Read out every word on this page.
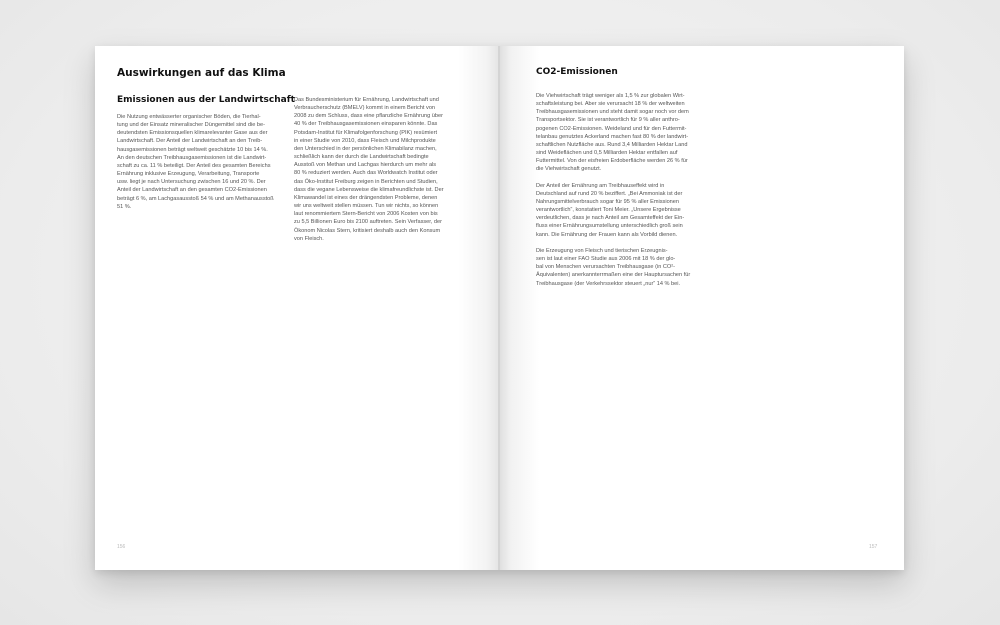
Auswirkungen auf das Klima
Emissionen aus der Landwirtschaft
Die Nutzung entwässerter organischer Böden, die Tierhal-
tung und der Einsatz mineralischer Düngemittel sind die be-
deutendsten Emissionsquellen klimarelevanter Gase aus der
Landwirtschaft. Der Anteil der Landwirtschaft an den Treib-
hausgasemissionen beträgt weltweit geschätzte 10 bis 14 %.
An den deutschen Treibhausgasemissionen ist die Landwirt-
schaft zu ca. 11 % beteiligt. Der Anteil des gesamten Bereichs
Ernährung inklusive Erzeugung, Verarbeitung, Transporte
usw. liegt je nach Untersuchung zwischen 16 und 20 %. Der
Anteil der Landwirtschaft an den gesamten CO2-Emissionen
beträgt 6 %, am Lachgasausstoß 54 % und am Methanausstoß
51 %.
Das Bundesministerium für Ernährung, Landwirtschaft und
Verbraucherschutz (BMELV) kommt in einem Bericht von
2008 zu dem Schluss, dass eine pflanzliche Ernährung über
40 % der Treibhausgasemissionen einsparen könnte. Das
Potsdam-Institut für Klimafolgenforschung (PIK) resümiert
in einer Studie von 2010, dass Fleisch und Milchprodukte
den Unterschied in der persönlichen Klimabilanz machen,
schließlich kann der durch die Landwirtschaft bedingte
Ausstoß von Methan und Lachgas hierdurch um mehr als
80 % reduziert werden. Auch das Worldwatch Institut oder
das Öko-Institut Freiburg zeigen in Berichten und Studien,
dass die vegane Lebensweise die klimafreundlichste ist. Der
Klimawandel ist eines der drängendsten Probleme, denen
wir uns weltweit stellen müssen. Tun wir nichts, so können
laut renommiertem Stern-Bericht von 2006 Kosten von bis
zu 5,5 Billionen Euro bis 2100 auftreten. Sein Verfasser, der
Ökonom Nicolas Stern, kritisiert deshalb auch den Konsum
von Fleisch.
156
CO2-Emissionen
Die Viehwirtschaft trägt weniger als 1,5 % zur globalen Wirt-
schaftsleistung bei. Aber sie verursacht 18 % der weltweiten
Treibhausgasemissionen und steht damit sogar noch vor dem
Transportsektor. Sie ist verantwortlich für 9 % aller anthro-
pogenen CO2-Emissionen. Weideland und für den Futtermit-
telanbau genutztes Ackerland machen fast 80 % der landwirt-
schaftlichen Nutzfläche aus. Rund 3,4 Milliarden Hektar Land
sind Weideflächen und 0,5 Milliarden Hektar entfallen auf
Futtermittel. Von der eisfreien Erdoberfläche werden 26 % für
die Viehwirtschaft genutzt.
Der Anteil der Ernährung am Treibhauseffekt wird in
Deutschland auf rund 20 % beziffert. „Bei Ammoniak ist der
Nahrungsmittelverbrauch sogar für 95 % aller Emissionen
verantwortlich“, konstatiert Toni Meier. „Unsere Ergebnisse
verdeutlichen, dass je nach Anteil am Gesamteffekt der Ein-
fluss einer Ernährungsumstellung unterschiedlich groß sein
kann. Die Ernährung der Frauen kann als Vorbild dienen.
Die Erzeugung von Fleisch und tierischen Erzeugnis-
sen ist laut einer FAO Studie aus 2006 mit 18 % der glo-
bal von Menschen verursachten Treibhausgase (in CO²-
Äquivalenten) anerkannterrmaßen eine der Hauptursachen für
Treibhausgase (der Verkehrssektor steuert „nur“ 14 % bei.
157
